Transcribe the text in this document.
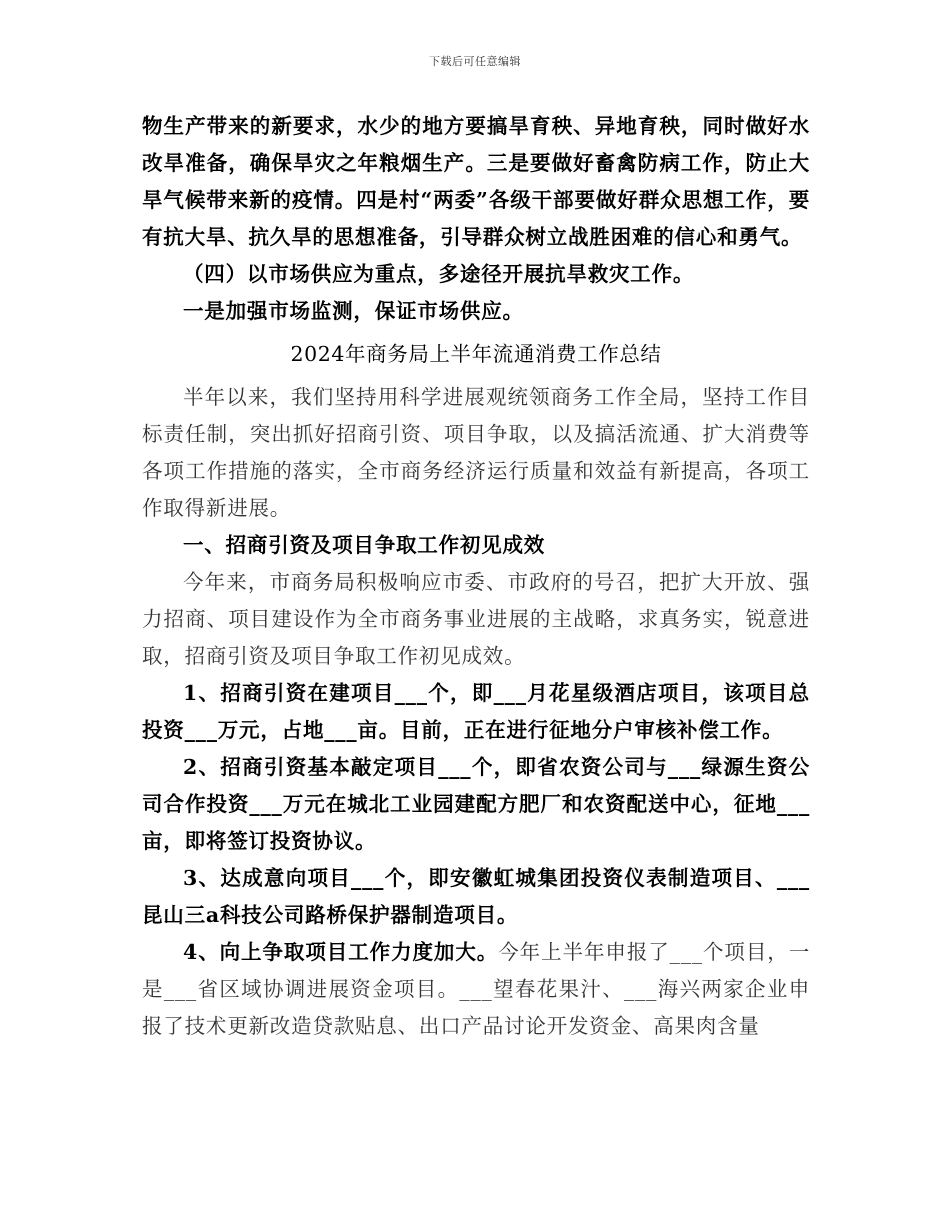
下载后可任意编辑

物生产带来的新要求，水少的地方要搞旱育秧、异地育秧，同时做好水改旱准备，确保旱灾之年粮烟生产。三是要做好畜禽防病工作，防止大旱气候带来新的疫情。四是村“两委”各级干部要做好群众思想工作，要有抗大旱、抗久旱的思想准备，引导群众树立战胜困难的信心和勇气。

（四）以市场供应为重点，多途径开展抗旱救灾工作。

一是加强市场监测，保证市场供应。

2024年商务局上半年流通消费工作总结

半年以来，我们坚持用科学进展观统领商务工作全局，坚持工作目标责任制，突出抓好招商引资、项目争取，以及搞活流通、扩大消费等各项工作措施的落实，全市商务经济运行质量和效益有新提高，各项工作取得新进展。

一、招商引资及项目争取工作初见成效

今年来，市商务局积极响应市委、市政府的号召，把扩大开放、强力招商、项目建设作为全市商务事业进展的主战略，求真务实，锐意进取，招商引资及项目争取工作初见成效。

1、招商引资在建项目___个，即___月花星级酒店项目，该项目总投资___万元，占地___亩。目前，正在进行征地分户审核补偿工作。

2、招商引资基本敲定项目___个，即省农资公司与___绿源生资公司合作投资___万元在城北工业园建配方肥厂和农资配送中心，征地___亩，即将签订投资协议。

3、达成意向项目___个，即安徽虹城集团投资仪表制造项目、___昆山三a科技公司路桥保护器制造项目。

4、向上争取项目工作力度加大。今年上半年申报了___个项目，一是___省区域协调进展资金项目。___望春花果汁、___海兴两家企业申报了技术更新改造贷款贴息、出口产品讨论开发资金、高果肉含量
